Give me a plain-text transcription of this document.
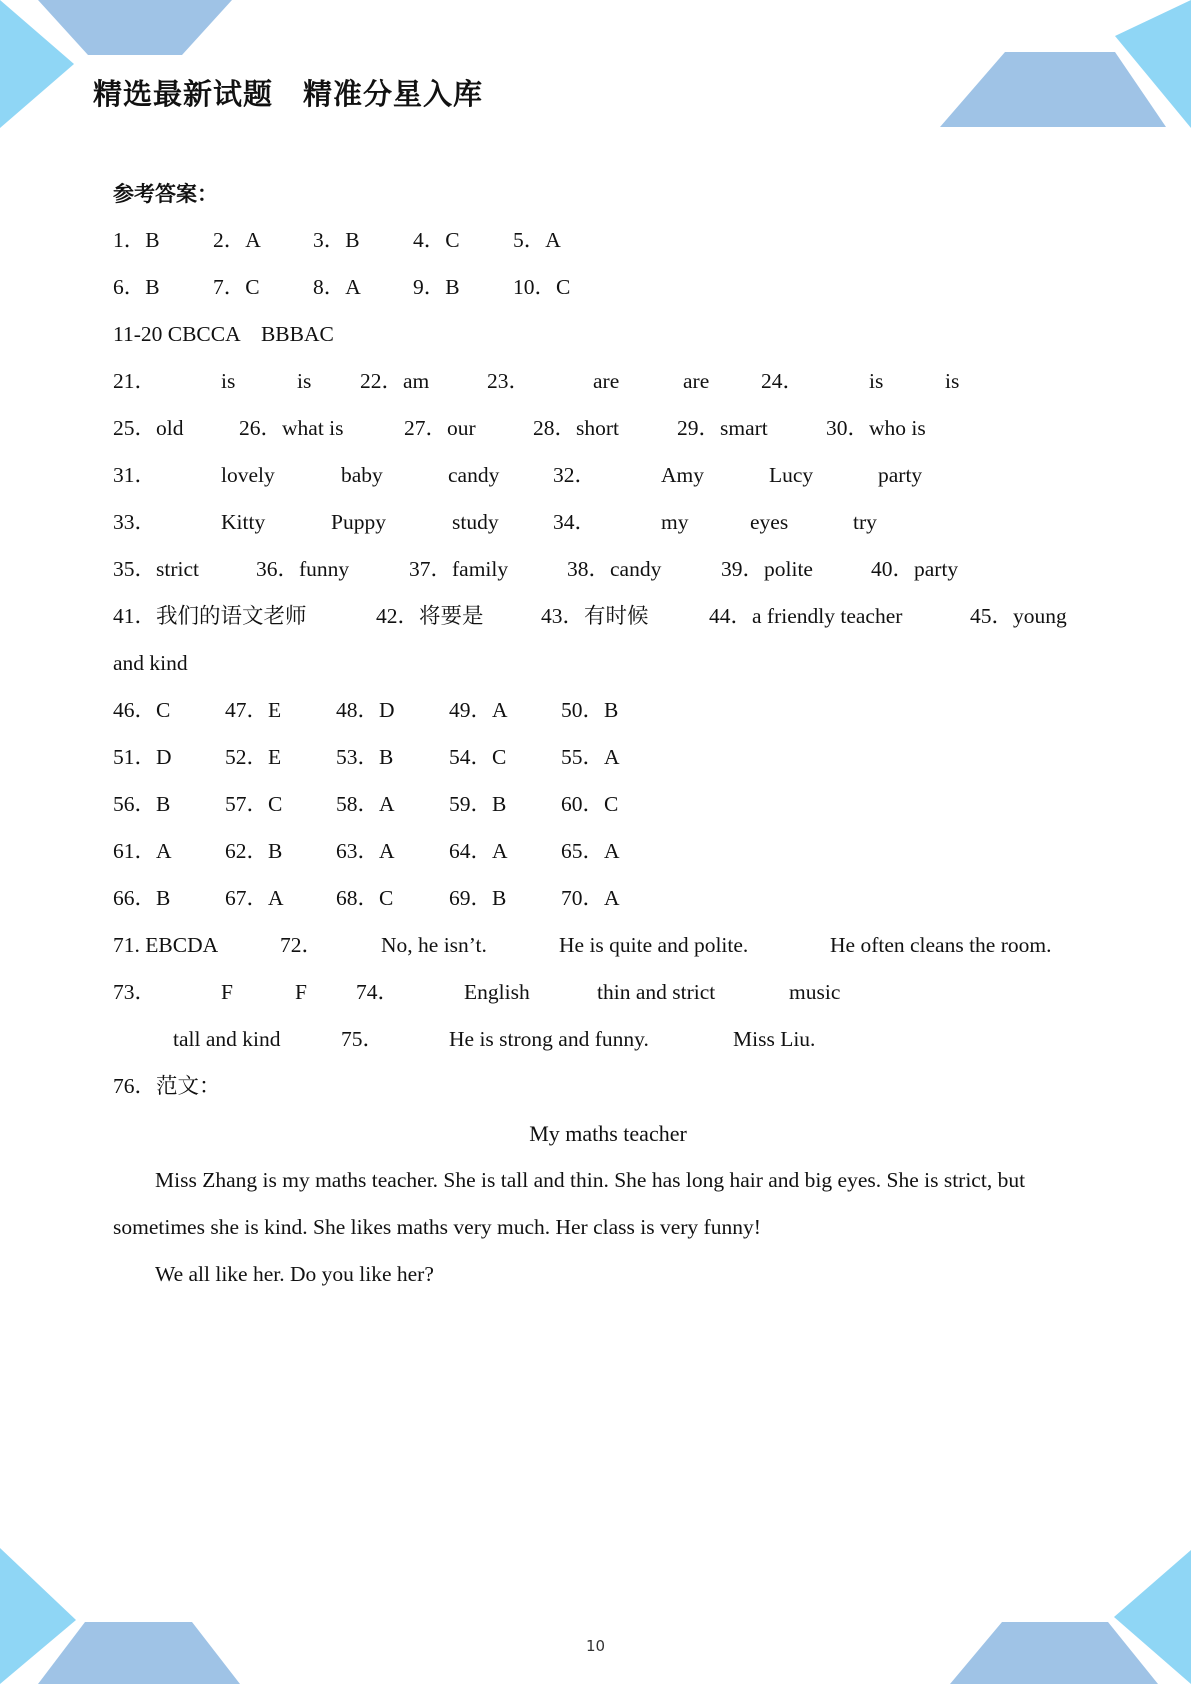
精选最新试题　精准分星入库
参考答案：
1．B 2．A 3．B 4．C 5．A
6．B 7．C 8．A 9．B 10．C
11-20 CBCCA　BBBAC
21．	is	is 22．am	23．	are	are 24．	is	is
25．old	26．what is	27．our	28．short	29．smart	30．who is
31．	lovely	baby	candy 32．	Amy	Lucy	party
33．	Kitty	Puppy	study	34．	my	eyes	try
35．strict	36．funny	37．family	38．candy	39．polite	40．party
41．我们的语文老师	42．将要是	43．有时候	44．a friendly teacher	45．young
and kind
46．C	47．E	48．D	49．A 50．B
51．D 52．E	53．B	54．C	55．A
56．B	57．C 58．A	59．B	60．C
61．A 62．B 63．A	64．A 65．A
66．B	67．A 68．C	69．B	70．A
71. EBCDA	72．	No, he isn’t.	He is quite and polite.	He often cleans the room.
73．	F	F 74．	English	thin and strict	music
tall and kind	75．	He is strong and funny.	Miss Liu.
76．范文：
My maths teacher

Miss Zhang is my maths teacher. She is tall and thin. She has long hair and big eyes. She is strict, but sometimes she is kind. She likes maths very much. Her class is very funny!

We all like her. Do you like her?

10
